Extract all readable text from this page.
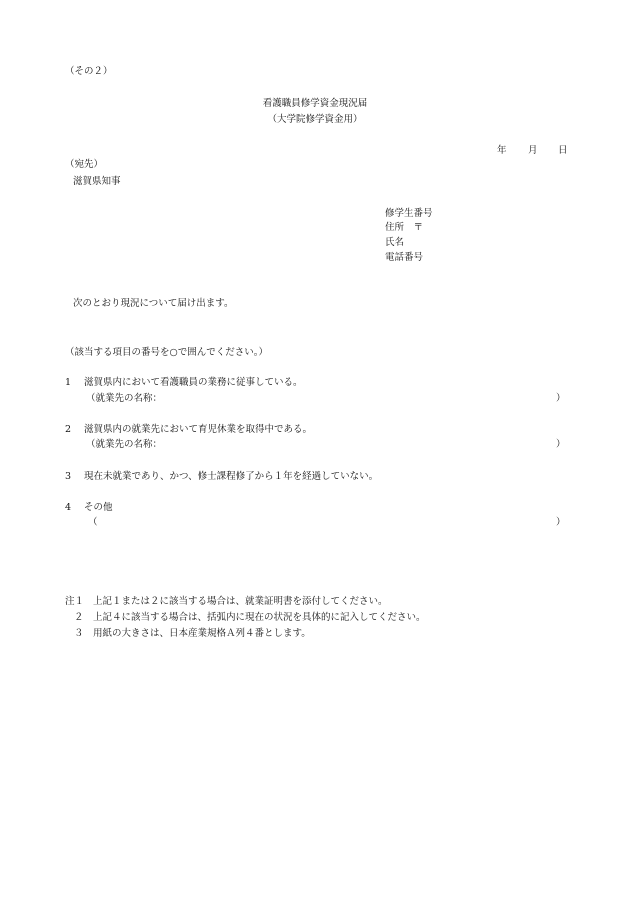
（その２）
看護職員修学資金現況届
（大学院修学資金用）
年 月 日
（宛先）
滋賀県知事
修学生番号
住所　〒
氏名
電話番号
次のとおり現況について届け出ます。
（該当する項目の番号を○で囲んでください。）
1 滋賀県内において看護職員の業務に従事している。
（就業先の名称：	）
2 滋賀県内の就業先において育児休業を取得中である。
（就業先の名称：	）
3 現在未就業であり、かつ、修士課程修了から１年を経過していない。
4 その他
（	）
注１ 上記１または２に該当する場合は、就業証明書を添付してください。
２ 上記４に該当する場合は、括弧内に現在の状況を具体的に記入してください。
３ 用紙の大きさは、日本産業規格Ａ列４番とします。
